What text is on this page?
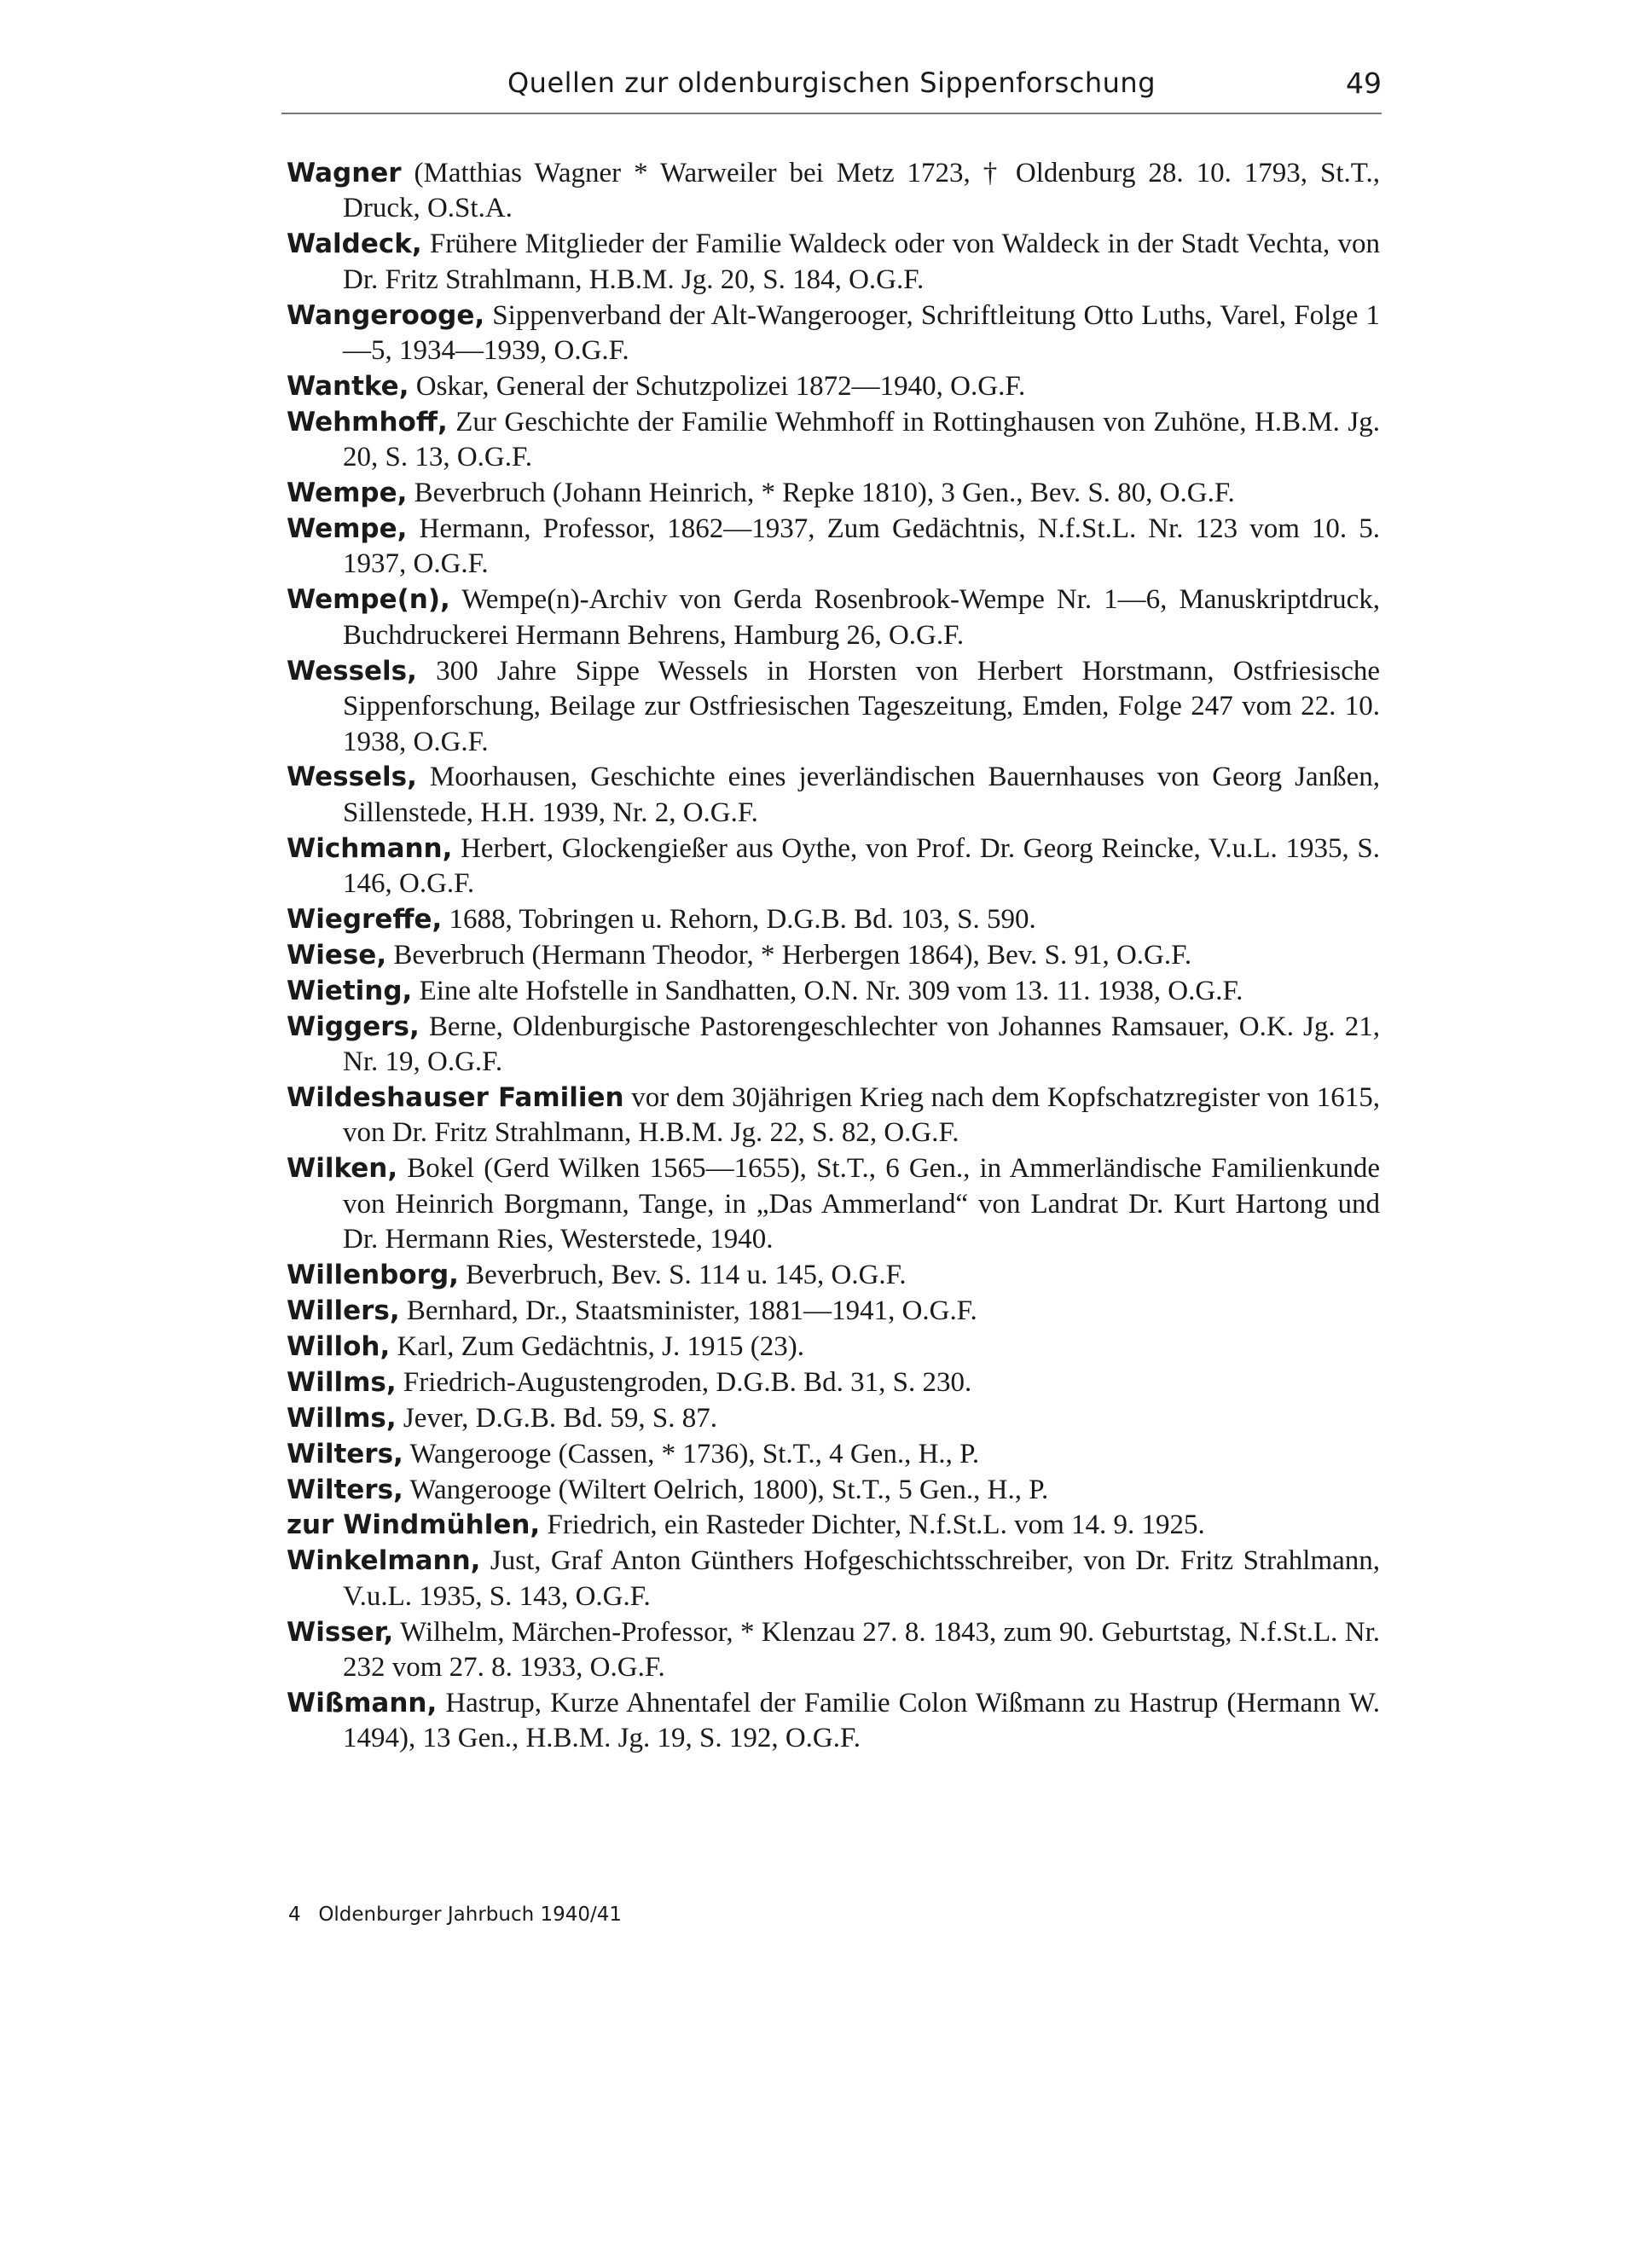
Quellen zur oldenburgischen Sippenforschung	49

Wagner (Matthias Wagner * Warweiler bei Metz 1723, † Oldenburg 28. 10. 1793, St.T., Druck, O.St.A.

Waldeck, Frühere Mitglieder der Familie Waldeck oder von Waldeck in der Stadt Vechta, von Dr. Fritz Strahlmann, H.B.M. Jg. 20, S. 184, O.G.F.

Wangerooge, Sippenverband der Alt-Wangerooger, Schriftleitung Otto Luths, Varel, Folge 1—5, 1934—1939, O.G.F.

Wantke, Oskar, General der Schutzpolizei 1872—1940, O.G.F.

Wehmhoff, Zur Geschichte der Familie Wehmhoff in Rottinghausen von Zuhöne, H.B.M. Jg. 20, S. 13, O.G.F.

Wempe, Beverbruch (Johann Heinrich, * Repke 1810), 3 Gen., Bev. S. 80, O.G.F.

Wempe, Hermann, Professor, 1862—1937, Zum Gedächtnis, N.f.St.L. Nr. 123 vom 10. 5. 1937, O.G.F.

Wempe(n), Wempe(n)-Archiv von Gerda Rosenbrook-Wempe Nr. 1—6, Manuskriptdruck, Buchdruckerei Hermann Behrens, Hamburg 26, O.G.F.

Wessels, 300 Jahre Sippe Wessels in Horsten von Herbert Horstmann, Ostfriesische Sippenforschung, Beilage zur Ostfriesischen Tageszeitung, Emden, Folge 247 vom 22. 10. 1938, O.G.F.

Wessels, Moorhausen, Geschichte eines jeverländischen Bauernhauses von Georg Janßen, Sillenstede, H.H. 1939, Nr. 2, O.G.F.

Wichmann, Herbert, Glockengießer aus Oythe, von Prof. Dr. Georg Reincke, V.u.L. 1935, S. 146, O.G.F.

Wiegreffe, 1688, Tobringen u. Rehorn, D.G.B. Bd. 103, S. 590.

Wiese, Beverbruch (Hermann Theodor, * Herbergen 1864), Bev. S. 91, O.G.F.

Wieting, Eine alte Hofstelle in Sandhatten, O.N. Nr. 309 vom 13. 11. 1938, O.G.F.

Wiggers, Berne, Oldenburgische Pastorengeschlechter von Johannes Ramsauer, O.K. Jg. 21, Nr. 19, O.G.F.

Wildeshauser Familien vor dem 30jährigen Krieg nach dem Kopfschatzregister von 1615, von Dr. Fritz Strahlmann, H.B.M. Jg. 22, S. 82, O.G.F.

Wilken, Bokel (Gerd Wilken 1565—1655), St.T., 6 Gen., in Ammerländische Familienkunde von Heinrich Borgmann, Tange, in „Das Ammerland“ von Landrat Dr. Kurt Hartong und Dr. Hermann Ries, Westerstede, 1940.

Willenborg, Beverbruch, Bev. S. 114 u. 145, O.G.F.

Willers, Bernhard, Dr., Staatsminister, 1881—1941, O.G.F.

Willoh, Karl, Zum Gedächtnis, J. 1915 (23).

Willms, Friedrich-Augustengroden, D.G.B. Bd. 31, S. 230.

Willms, Jever, D.G.B. Bd. 59, S. 87.

Wilters, Wangerooge (Cassen, * 1736), St.T., 4 Gen., H., P.

Wilters, Wangerooge (Wiltert Oelrich, 1800), St.T., 5 Gen., H., P.

zur Windmühlen, Friedrich, ein Rasteder Dichter, N.f.St.L. vom 14. 9. 1925.

Winkelmann, Just, Graf Anton Günthers Hofgeschichtsschreiber, von Dr. Fritz Strahlmann, V.u.L. 1935, S. 143, O.G.F.

Wisser, Wilhelm, Märchen-Professor, * Klenzau 27. 8. 1843, zum 90. Geburtstag, N.f.St.L. Nr. 232 vom 27. 8. 1933, O.G.F.

Wißmann, Hastrup, Kurze Ahnentafel der Familie Colon Wißmann zu Hastrup (Hermann W. 1494), 13 Gen., H.B.M. Jg. 19, S. 192, O.G.F.

4 Oldenburger Jahrbuch 1940/41
